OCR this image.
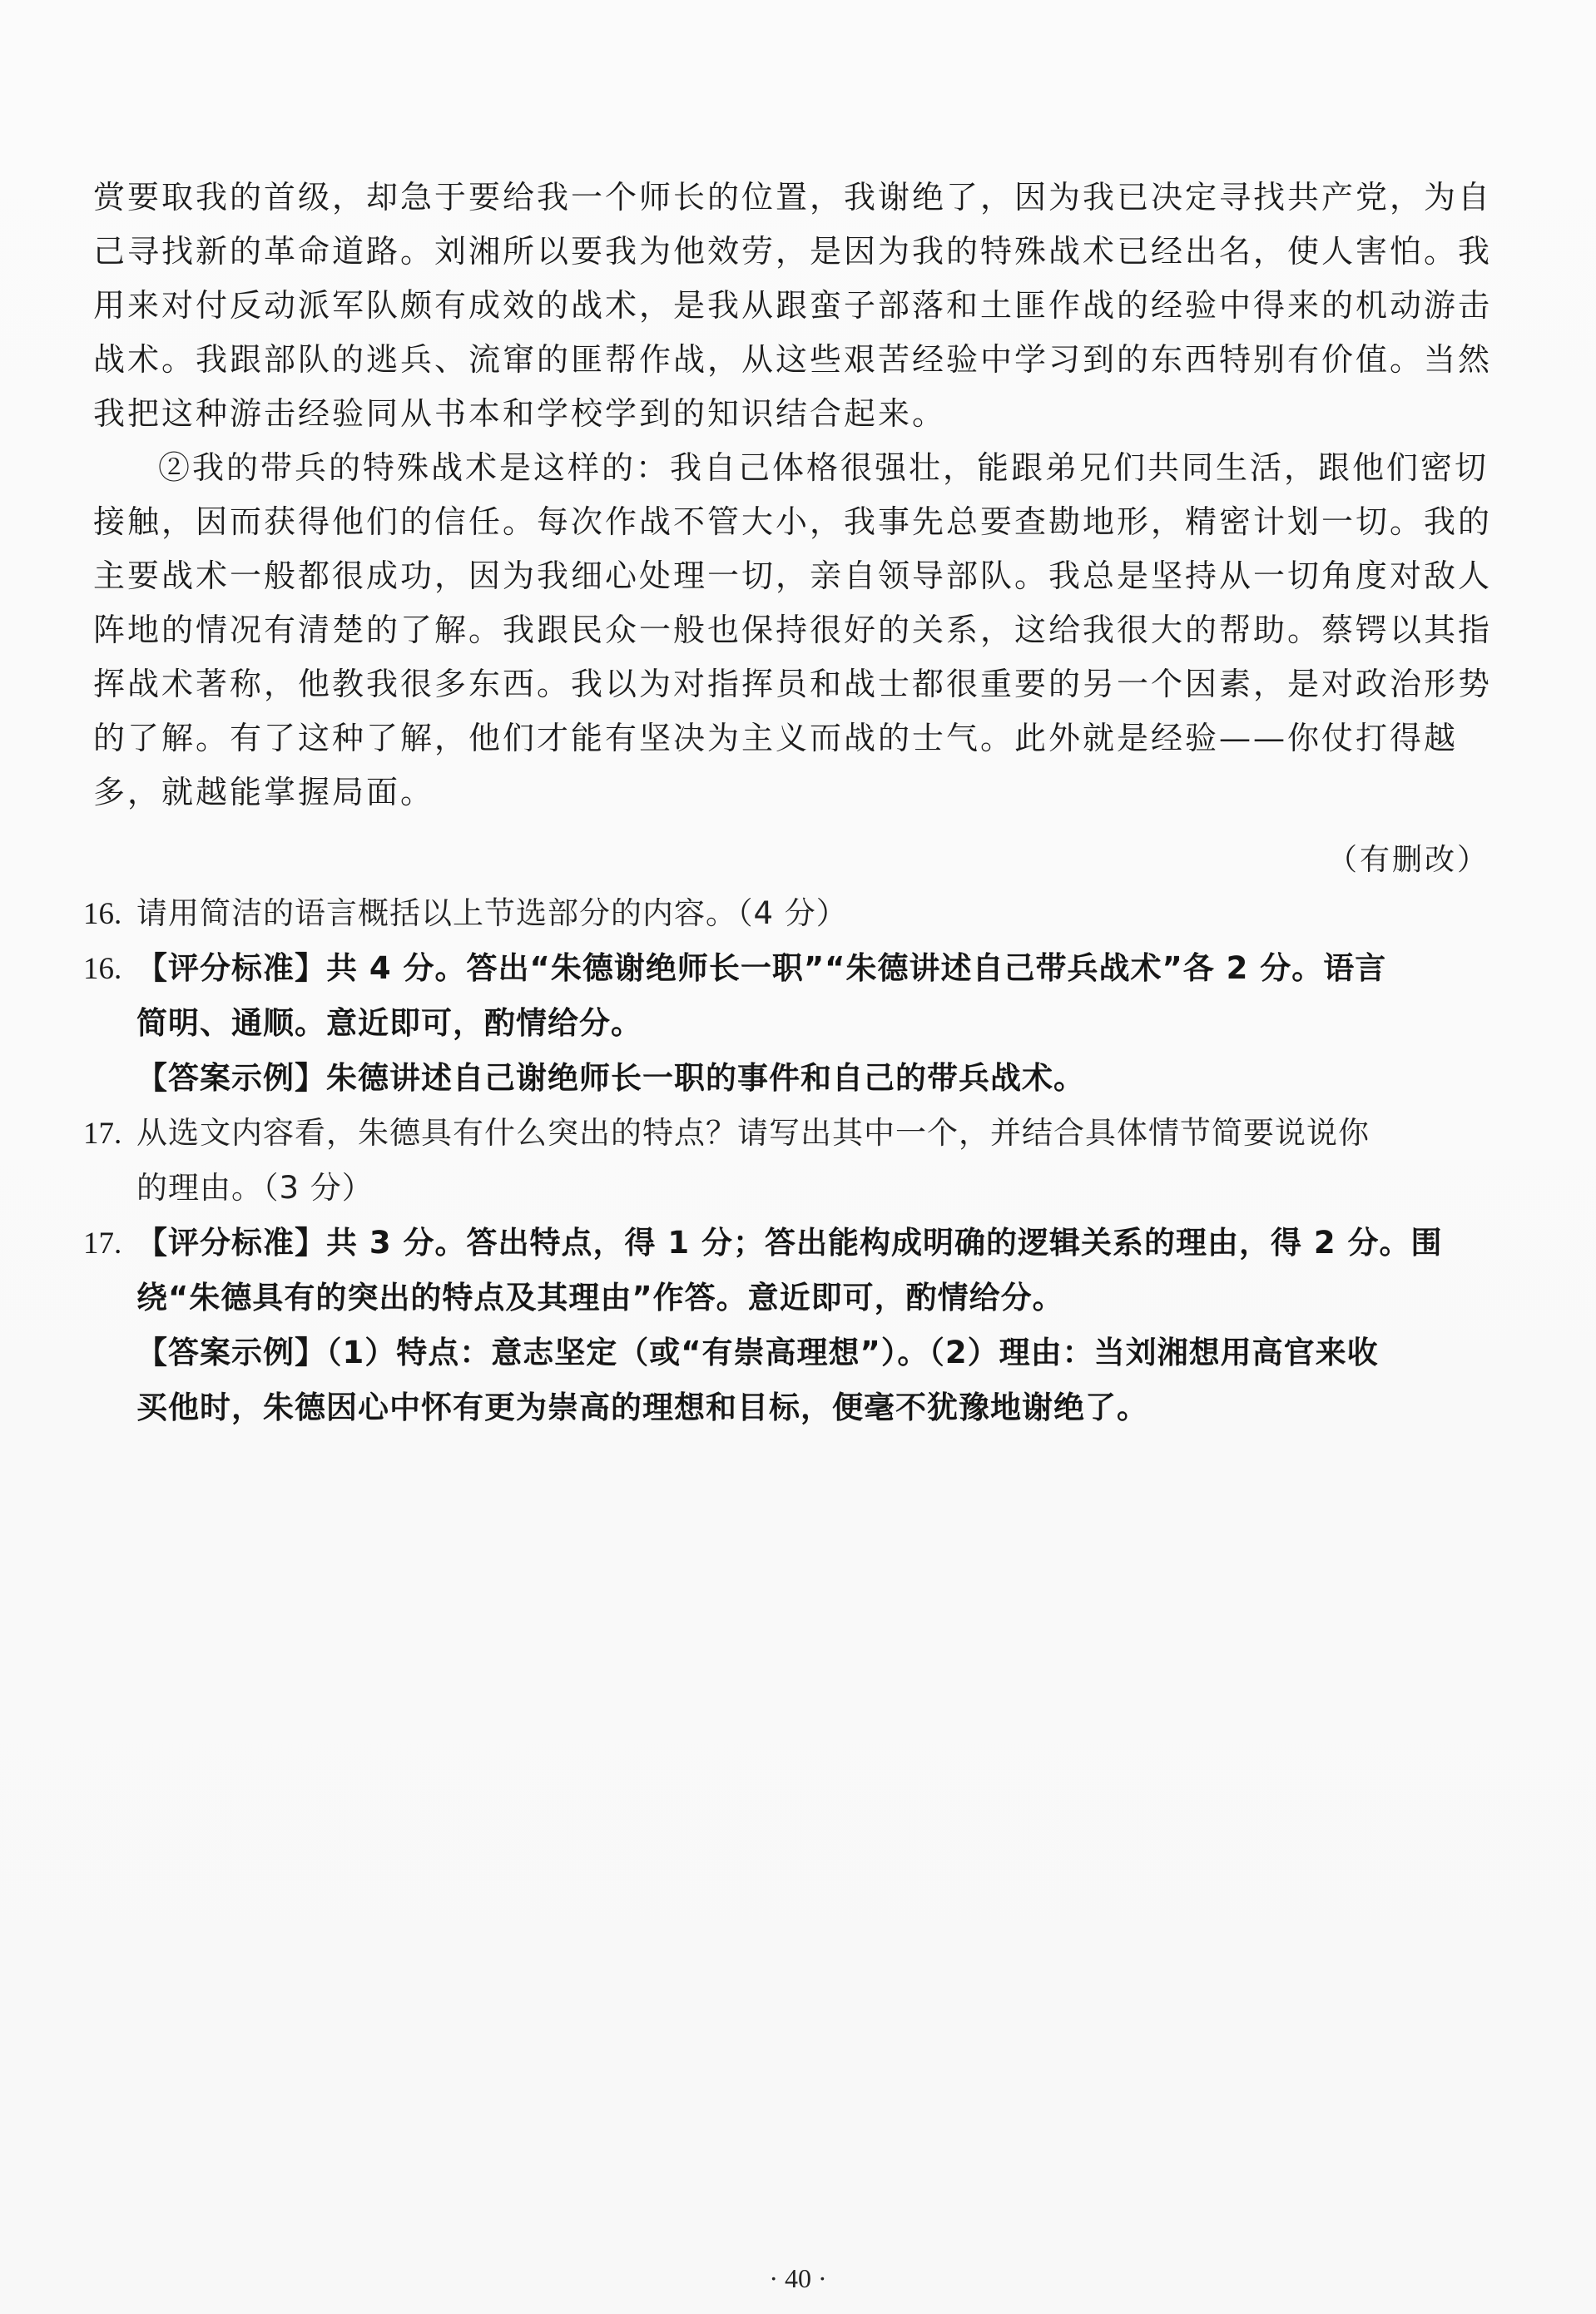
赏要取我的首级，却急于要给我一个师长的位置，我谢绝了，因为我已决定寻找共产党，为自
己寻找新的革命道路。刘湘所以要我为他效劳，是因为我的特殊战术已经出名，使人害怕。我
用来对付反动派军队颇有成效的战术，是我从跟蛮子部落和土匪作战的经验中得来的机动游击
战术。我跟部队的逃兵、流窜的匪帮作战，从这些艰苦经验中学习到的东西特别有价值。当然
我把这种游击经验同从书本和学校学到的知识结合起来。
②我的带兵的特殊战术是这样的：我自己体格很强壮，能跟弟兄们共同生活，跟他们密切
接触，因而获得他们的信任。每次作战不管大小，我事先总要查勘地形，精密计划一切。我的
主要战术一般都很成功，因为我细心处理一切，亲自领导部队。我总是坚持从一切角度对敌人
阵地的情况有清楚的了解。我跟民众一般也保持很好的关系，这给我很大的帮助。蔡锷以其指
挥战术著称，他教我很多东西。我以为对指挥员和战士都很重要的另一个因素，是对政治形势
的了解。有了这种了解，他们才能有坚决为主义而战的士气。此外就是经验——你仗打得越
多，就越能掌握局面。
（有删改）
16. 请用简洁的语言概括以上节选部分的内容。（4 分）
16. 【评分标准】共 4 分。答出“朱德谢绝师长一职”“朱德讲述自己带兵战术”各 2 分。语言
简明、通顺。意近即可，酌情给分。
【答案示例】朱德讲述自己谢绝师长一职的事件和自己的带兵战术。
17. 从选文内容看，朱德具有什么突出的特点？请写出其中一个，并结合具体情节简要说说你
的理由。（3 分）
17. 【评分标准】共 3 分。答出特点，得 1 分；答出能构成明确的逻辑关系的理由，得 2 分。围
绕“朱德具有的突出的特点及其理由”作答。意近即可，酌情给分。
【答案示例】（1）特点：意志坚定（或“有崇高理想”）。（2）理由：当刘湘想用高官来收
买他时，朱德因心中怀有更为崇高的理想和目标，便毫不犹豫地谢绝了。
· 40 ·
